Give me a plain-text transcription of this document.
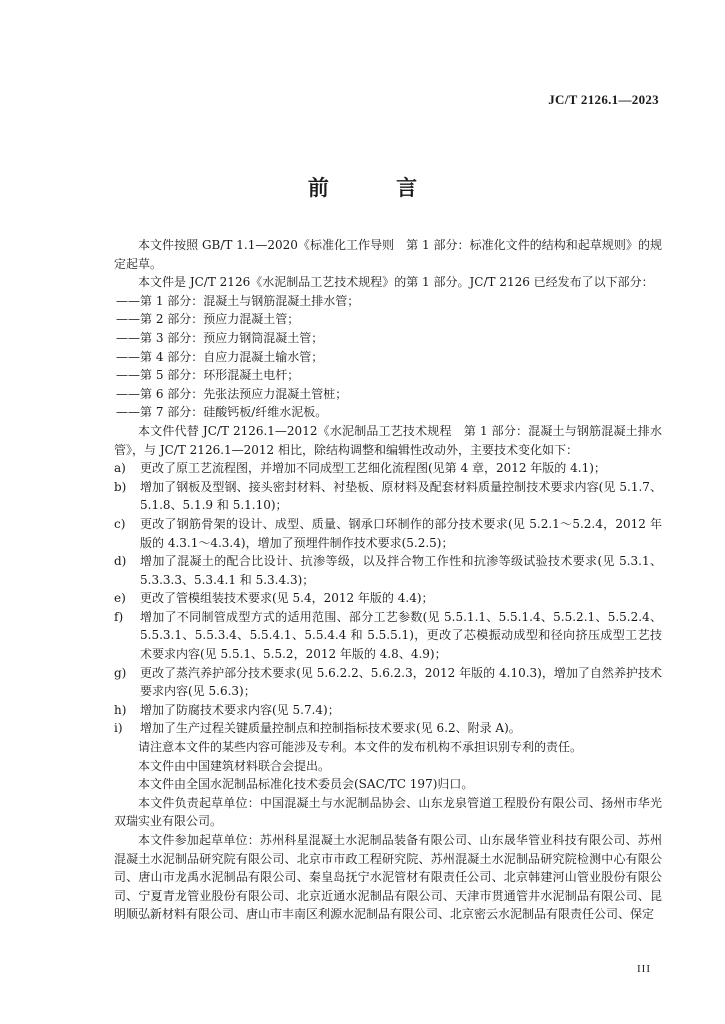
JC/T 2126.1—2023
前 言

本文件按照 GB/T 1.1—2020《标准化工作导则　第 1 部分：标准化文件的结构和起草规则》的规定起草。

本文件是 JC/T 2126《水泥制品工艺技术规程》的第 1 部分。JC/T 2126 已经发布了以下部分：

——第 1 部分：混凝土与钢筋混凝土排水管；

——第 2 部分：预应力混凝土管；

——第 3 部分：预应力钢筒混凝土管；

——第 4 部分：自应力混凝土输水管；

——第 5 部分：环形混凝土电杆；

——第 6 部分：先张法预应力混凝土管桩；

——第 7 部分：硅酸钙板/纤维水泥板。

本文件代替 JC/T 2126.1—2012《水泥制品工艺技术规程　第 1 部分：混凝土与钢筋混凝土排水管》，与 JC/T 2126.1—2012 相比，除结构调整和编辑性改动外，主要技术变化如下：

a)	更改了原工艺流程图，并增加不同成型工艺细化流程图(见第 4 章，2012 年版的 4.1)；
b)	增加了钢板及型钢、接头密封材料、衬垫板、原材料及配套材料质量控制技术要求内容(见 5.1.7、5.1.8、5.1.9 和 5.1.10)；
c)	更改了钢筋骨架的设计、成型、质量、钢承口环制作的部分技术要求(见 5.2.1～5.2.4，2012 年版的 4.3.1～4.3.4)，增加了预埋件制作技术要求(5.2.5)；
d)	增加了混凝土的配合比设计、抗渗等级，以及拌合物工作性和抗渗等级试验技术要求(见 5.3.1、5.3.3.3、5.3.4.1 和 5.3.4.3)；
e)	更改了管模组装技术要求(见 5.4，2012 年版的 4.4)；
f)	增加了不同制管成型方式的适用范围、部分工艺参数(见 5.5.1.1、5.5.1.4、5.5.2.1、5.5.2.4、5.5.3.1、5.5.3.4、5.5.4.1、5.5.4.4 和 5.5.5.1)，更改了芯模振动成型和径向挤压成型工艺技术要求内容(见 5.5.1、5.5.2，2012 年版的 4.8、4.9)；
g)	更改了蒸汽养护部分技术要求(见 5.6.2.2、5.6.2.3，2012 年版的 4.10.3)，增加了自然养护技术要求内容(见 5.6.3)；
h)	增加了防腐技术要求内容(见 5.7.4)；
i)	增加了生产过程关键质量控制点和控制指标技术要求(见 6.2、附录 A)。

请注意本文件的某些内容可能涉及专利。本文件的发布机构不承担识别专利的责任。

本文件由中国建筑材料联合会提出。

本文件由全国水泥制品标准化技术委员会(SAC/TC 197)归口。

本文件负责起草单位：中国混凝土与水泥制品协会、山东龙泉管道工程股份有限公司、扬州市华光双瑞实业有限公司。

本文件参加起草单位：苏州科星混凝土水泥制品装备有限公司、山东晟华管业科技有限公司、苏州混凝土水泥制品研究院有限公司、北京市市政工程研究院、苏州混凝土水泥制品研究院检测中心有限公司、唐山市龙禹水泥制品有限公司、秦皇岛抚宁水泥管材有限责任公司、北京韩建河山管业股份有限公司、宁夏青龙管业股份有限公司、北京近通水泥制品有限公司、天津市贯通管井水泥制品有限公司、昆明顺弘新材料有限公司、唐山市丰南区利源水泥制品有限公司、北京密云水泥制品有限责任公司、保定

III
